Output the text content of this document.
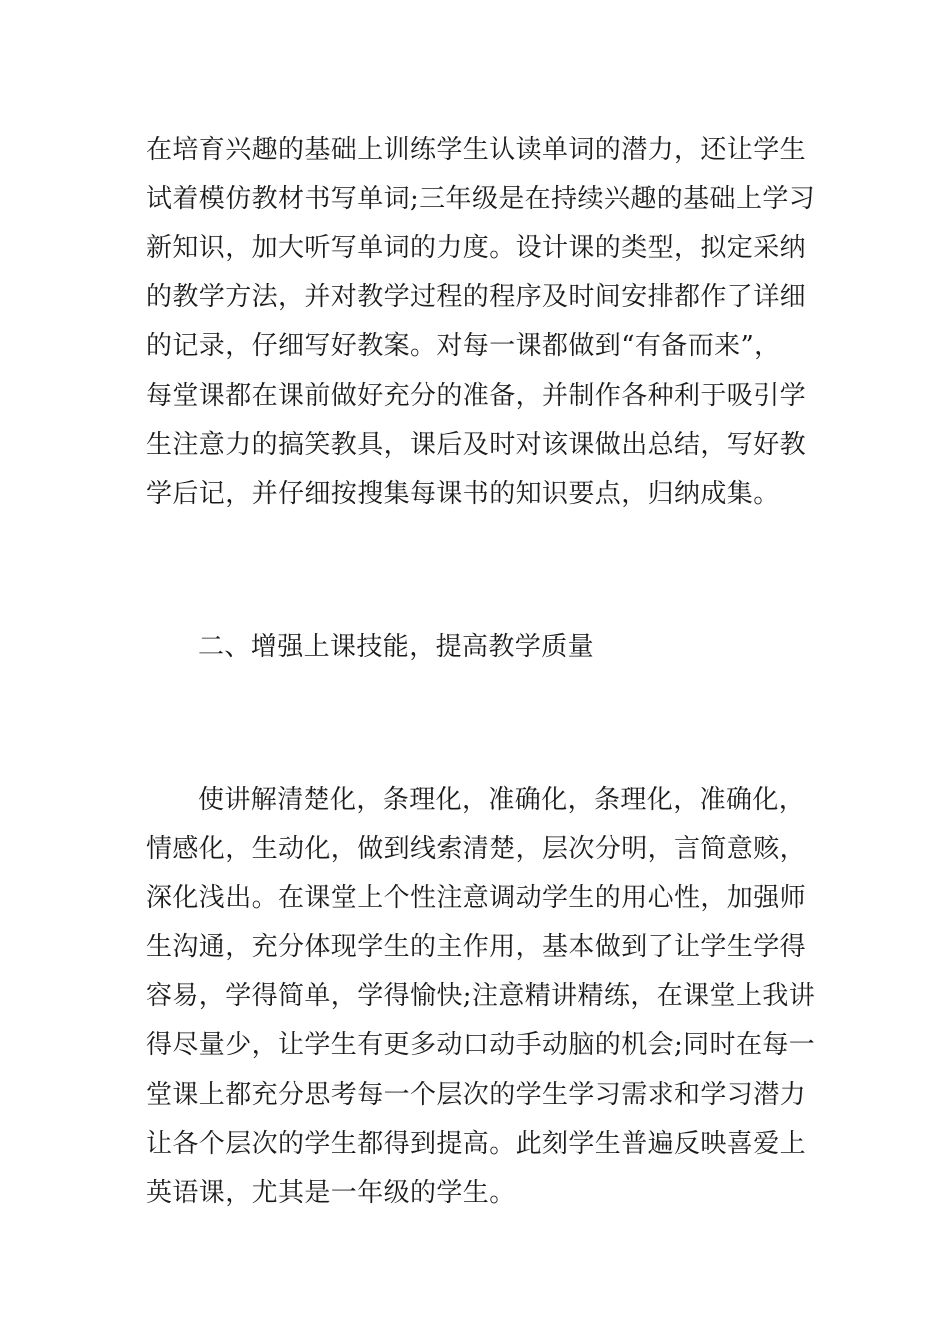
在培育兴趣的基础上训练学生认读单词的潜力，还让学生
试着模仿教材书写单词;三年级是在持续兴趣的基础上学习
新知识，加大听写单词的力度。设计课的类型，拟定采纳
的教学方法，并对教学过程的程序及时间安排都作了详细
的记录，仔细写好教案。对每一课都做到“有备而来”，
每堂课都在课前做好充分的准备，并制作各种利于吸引学
生注意力的搞笑教具，课后及时对该课做出总结，写好教
学后记，并仔细按搜集每课书的知识要点，归纳成集。
二、增强上课技能，提高教学质量
使讲解清楚化，条理化，准确化，条理化，准确化，
情感化，生动化，做到线索清楚，层次分明，言简意赅，
深化浅出。在课堂上个性注意调动学生的用心性，加强师
生沟通，充分体现学生的主作用，基本做到了让学生学得
容易，学得简单，学得愉快;注意精讲精练，在课堂上我讲
得尽量少，让学生有更多动口动手动脑的机会;同时在每一
堂课上都充分思考每一个层次的学生学习需求和学习潜力
让各个层次的学生都得到提高。此刻学生普遍反映喜爱上
英语课，尤其是一年级的学生。
